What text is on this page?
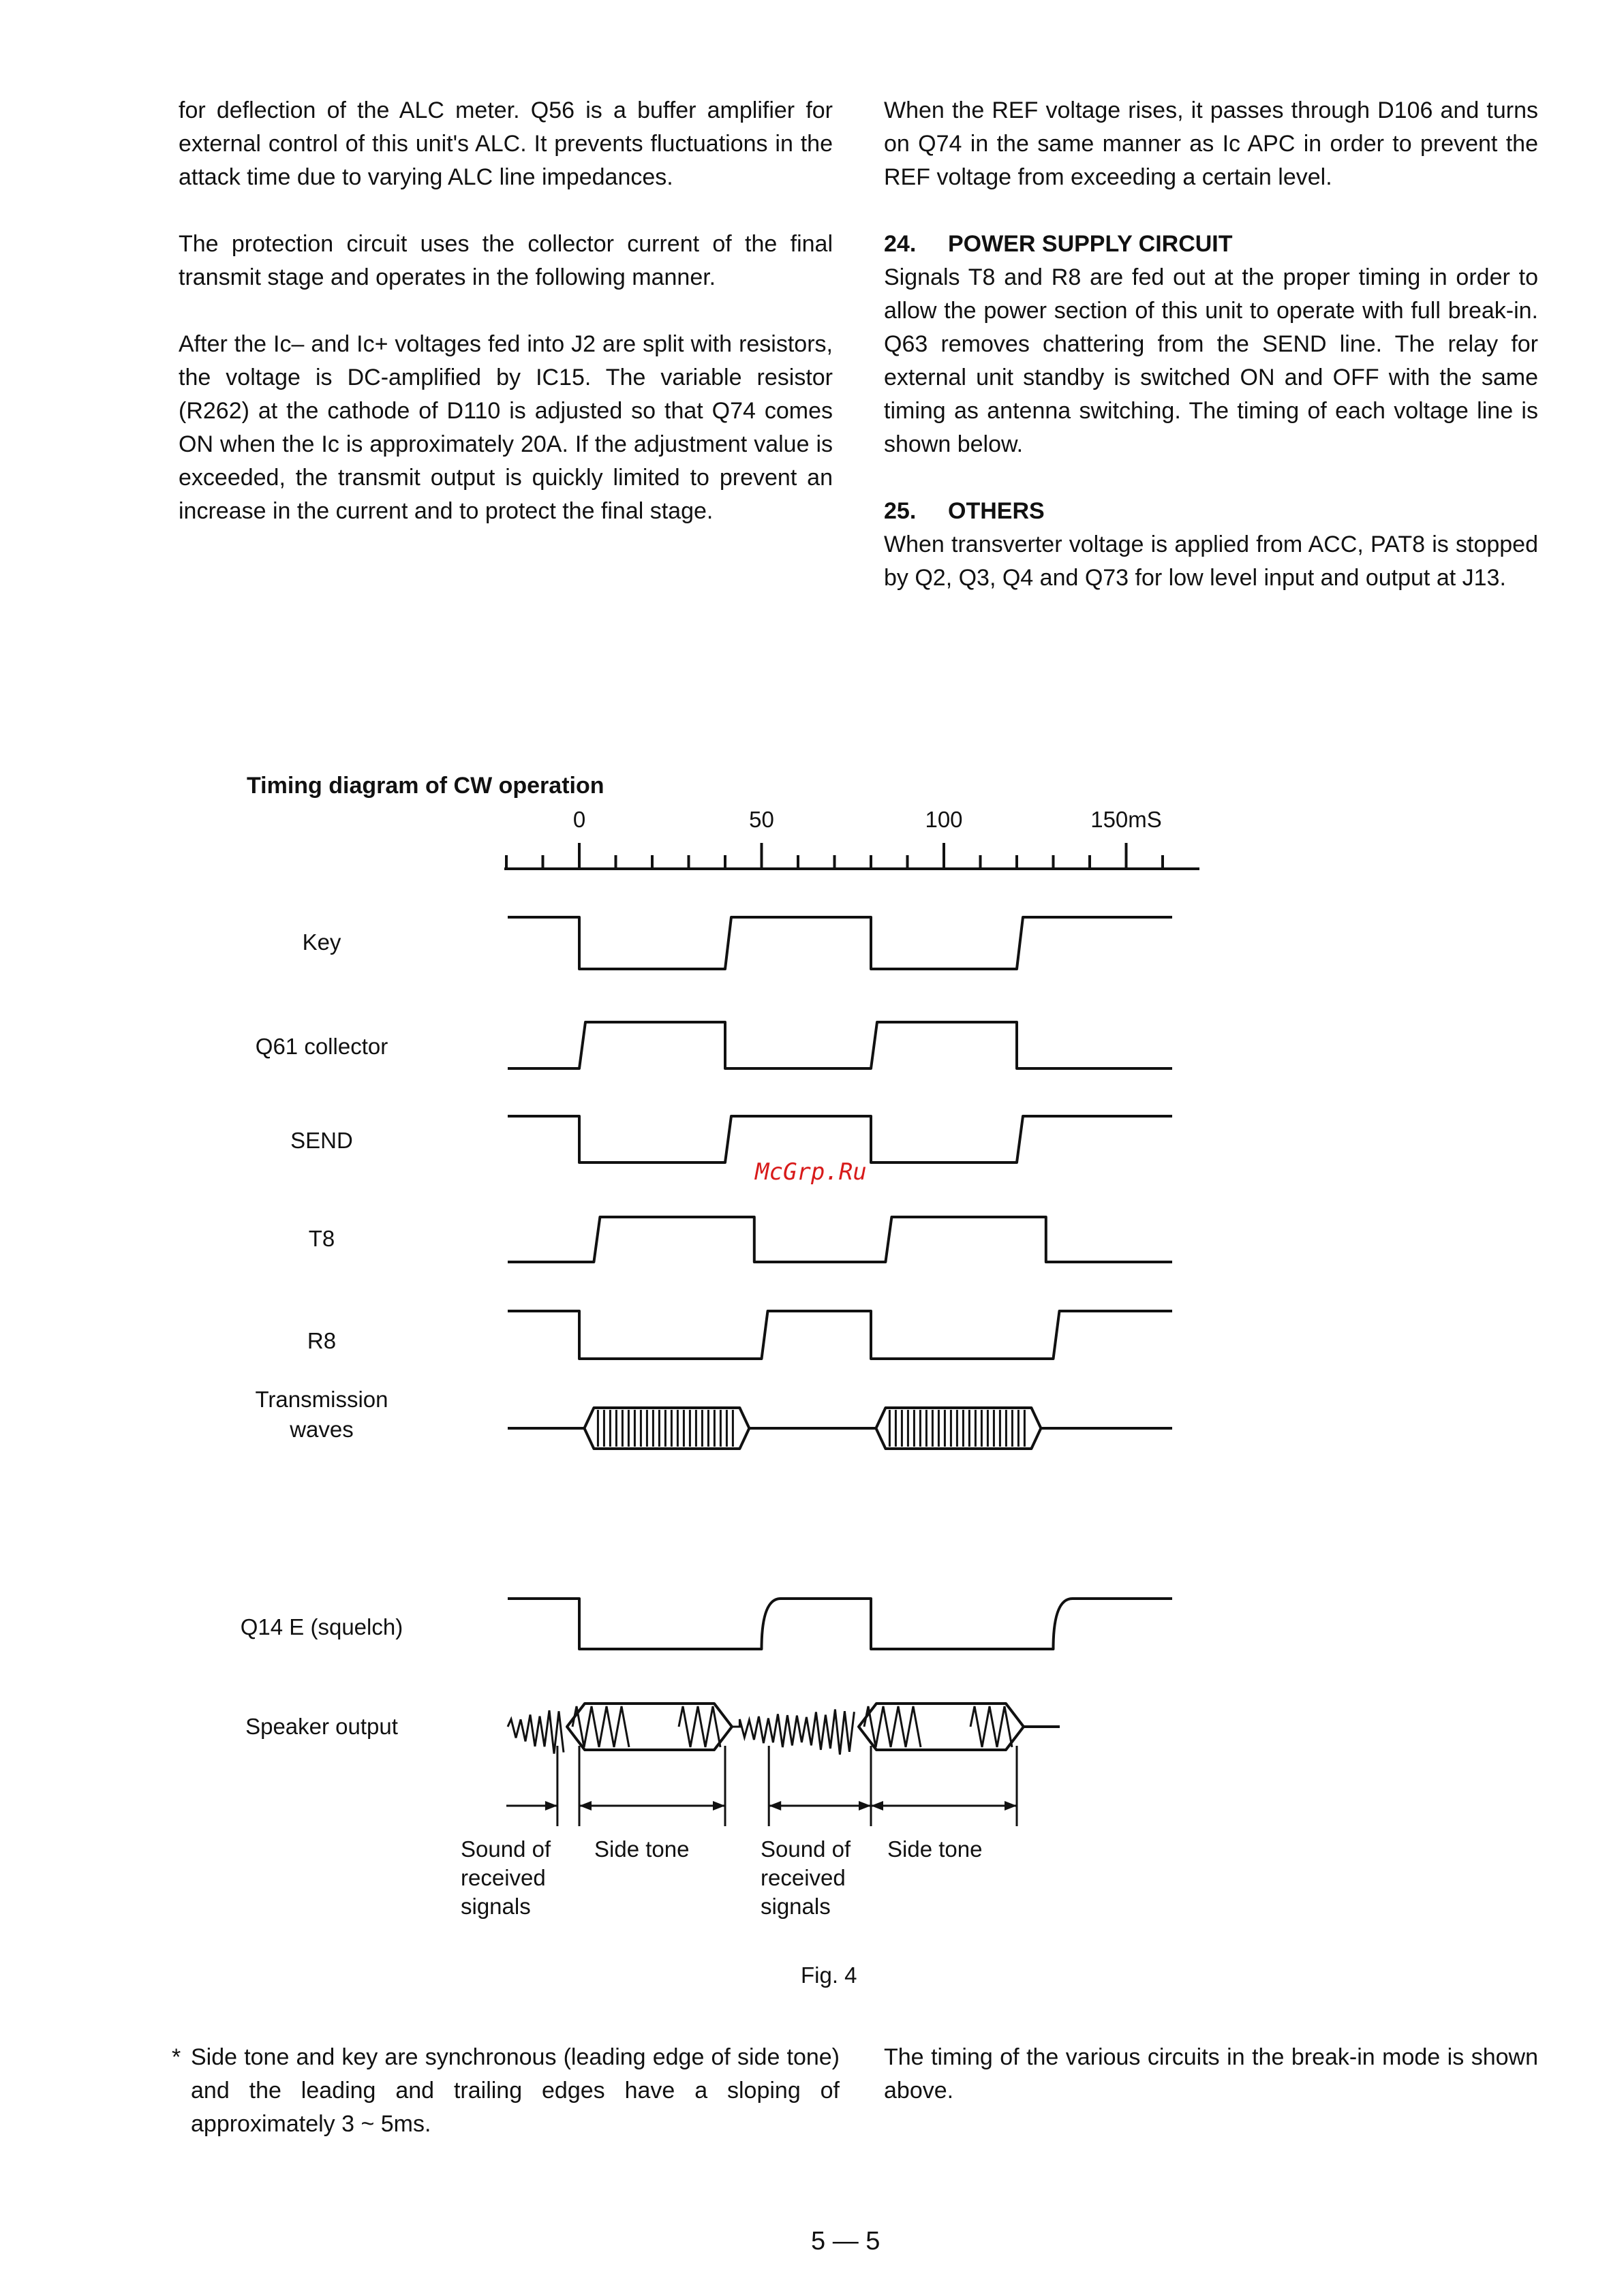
for deflection of the ALC meter. Q56 is a buffer amplifier for external control of this unit's ALC. It prevents fluctuations in the attack time due to varying ALC line impedances.

The protection circuit uses the collector current of the final transmit stage and operates in the following manner.

After the Ic– and Ic+ voltages fed into J2 are split with resistors, the voltage is DC-amplified by IC15. The variable resistor (R262) at the cathode of D110 is adjusted so that Q74 comes ON when the Ic is approximately 20A. If the adjustment value is exceeded, the transmit output is quickly limited to prevent an increase in the current and to protect the final stage.

When the REF voltage rises, it passes through D106 and turns on Q74 in the same manner as Ic APC in order to prevent the REF voltage from exceeding a certain level.

24. POWER SUPPLY CIRCUIT

Signals T8 and R8 are fed out at the proper timing in order to allow the power section of this unit to operate with full break-in. Q63 removes chattering from the SEND line. The relay for external unit standby is switched ON and OFF with the same timing as antenna switching. The timing of each voltage line is shown below.

25. OTHERS

When transverter voltage is applied from ACC, PAT8 is stopped by Q2, Q3, Q4 and Q73 for low level input and output at J13.

Timing diagram of CW operation
0	50	100	150mS
Key
Q61 collector
SEND
T8
R8
Transmission waves
Q14 E (squelch)
Speaker output
Sound of received signals
Side tone	Sound of received signals
Side tone
McGrp.Ru
Fig. 4
* Side tone and key are synchronous (leading edge of side tone) and the leading and trailing edges have a sloping of approximately 3 ~ 5ms.
The timing of the various circuits in the break-in mode is shown above.
5 — 5
